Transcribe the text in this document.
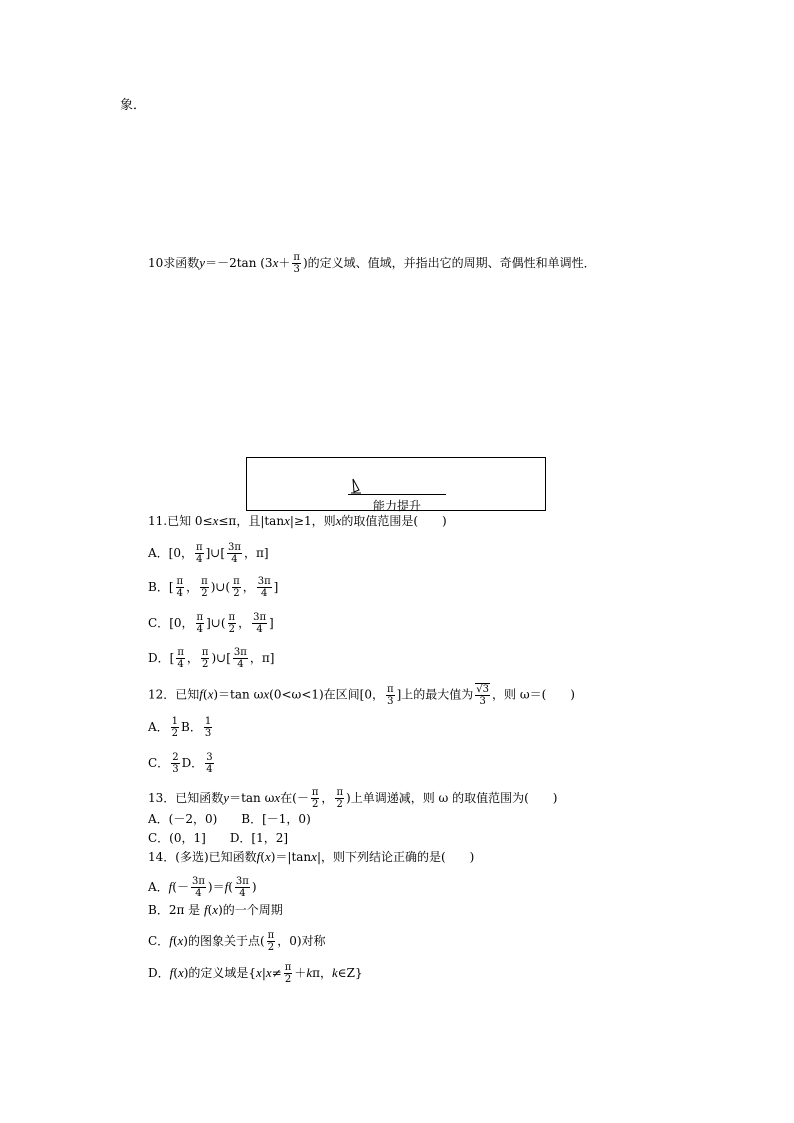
象．
10求函数y＝－2tan ($3x+ \frac{\pi}{3}$ )的定义域、值域，并指出它的周期、奇偶性和单调性．
能力提升
11.已知 0≤x≤π，且|tanx|≥1，则x的取值范围是(　　)
A．[0， $\frac{\pi}{4}$ ]∪[ $\frac{3\pi}{4}$ ，π]
B．[ $\frac{\pi}{4}$ ， $\frac{\pi}{2}$ )∪( $\frac{\pi}{2}$ ， $\frac{3\pi}{4}$ ]
C．[0， $\frac{\pi}{4}$ ]∪( $\frac{\pi}{2}$ ， $\frac{3\pi}{4}$ ]
D．[ $\frac{\pi}{4}$ ， $\frac{\pi}{2}$ )∪[ $\frac{3\pi}{4}$ ，π]
12．已知f(x)＝tan ωx(0<ω<1)在区间[0， $\frac{\pi}{3}$ ]上的最大值为 $\frac{√3}{3}$ ，则 ω＝(　　)
A． $\frac{1}{2}$ B． $\frac{1}{3}$
C． $\frac{2}{3}$ D． $\frac{3}{4}$
13．已知函数y＝tan ωx在(－ $\frac{\pi}{2}$ ， $\frac{\pi}{2}$ )上单调递减，则 ω 的取值范围为(　　)
A．(－2，0)　　B．[－1，0)
C．(0，1]　　D．[1，2]
14．(多选)已知函数f(x)＝|tanx|，则下列结论正确的是(　　)
A．$f(- \frac{3\pi}{4} )=f( \frac{3\pi}{4}$ )
B．2π 是 f(x)的一个周期
C．f(x)的图象关于点( $\frac{\pi}{2}$ ，0)对称
D．f(x)的定义域是{$x|x\ne \frac{\pi}{2} +k\pi$，k∈Z}
